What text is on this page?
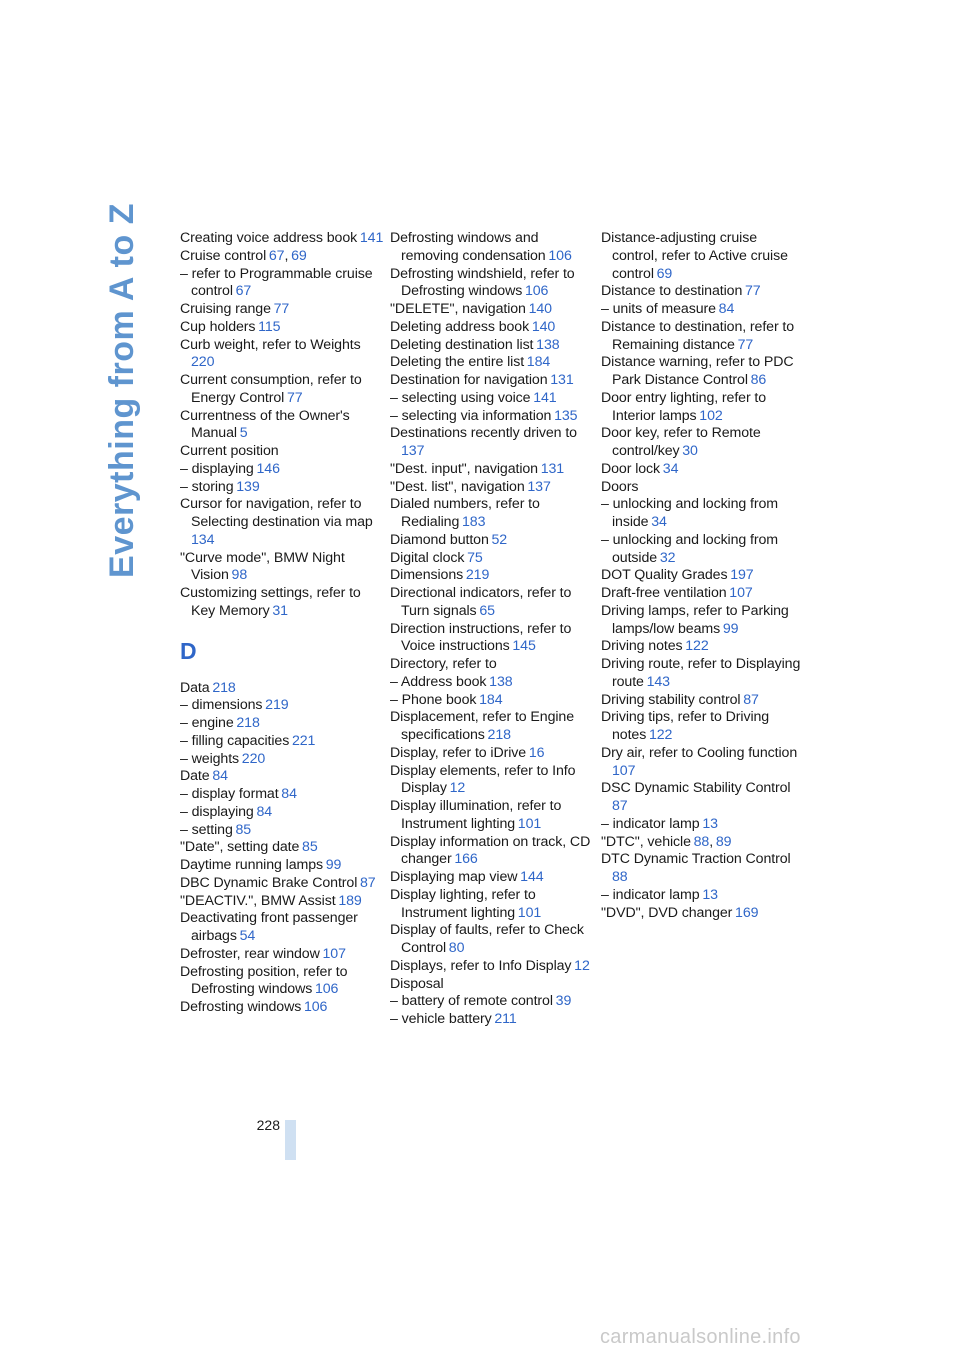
Everything from A to Z	Creating voice address book  141
Cruise control  67,  69
– refer to Programmable cruise control  67
Cruising range  77
Cup holders  115
Curb weight, refer to Weights 220
Current consumption, refer to Energy Control  77
Currentness of the Owner's Manual  5
Current position
– displaying  146
– storing  139
Cursor for navigation, refer to Selecting destination via map 134
"Curve mode", BMW Night Vision  98
Customizing settings, refer to Key Memory  31
D
Data  218
– dimensions  219
– engine  218
– filling capacities  221
– weights  220
Date  84
– display format  84
– displaying  84
– setting  85
"Date", setting date  85
Daytime running lamps  99
DBC Dynamic Brake Control  87
"DEACTIV.", BMW Assist  189
Deactivating front passenger airbags  54
Defroster, rear window  107
Defrosting position, refer to Defrosting windows  106
Defrosting windows  106
Defrosting windows and removing condensation  106
Defrosting windshield, refer to Defrosting windows  106
"DELETE", navigation  140
Deleting address book  140
Deleting destination list  138
Deleting the entire list  184
Destination for navigation  131
– selecting using voice  141
– selecting via information  135
Destinations recently driven to 137
"Dest. input", navigation  131
"Dest. list", navigation  137
Dialed numbers, refer to Redialing  183
Diamond button  52
Digital clock  75
Dimensions  219
Directional indicators, refer to Turn signals  65
Direction instructions, refer to Voice instructions  145
Directory, refer to
– Address book  138
– Phone book  184
Displacement, refer to Engine specifications  218
Display, refer to iDrive  16
Display elements, refer to Info Display  12
Display illumination, refer to Instrument lighting  101
Display information on track, CD changer  166
Displaying map view  144
Display lighting, refer to Instrument lighting  101
Display of faults, refer to Check Control  80
Displays, refer to Info Display  12
Disposal
– battery of remote control  39
– vehicle battery  211
Distance-adjusting cruise control, refer to Active cruise control  69
Distance to destination  77
– units of measure  84
Distance to destination, refer to Remaining distance  77
Distance warning, refer to PDC Park Distance Control  86
Door entry lighting, refer to Interior lamps  102
Door key, refer to Remote control/key  30
Door lock  34
Doors
– unlocking and locking from inside  34
– unlocking and locking from outside  32
DOT Quality Grades  197
Draft-free ventilation  107
Driving lamps, refer to Parking lamps/low beams  99
Driving notes  122
Driving route, refer to Displaying route  143
Driving stability control  87
Driving tips, refer to Driving notes  122
Dry air, refer to Cooling function 107
DSC Dynamic Stability Control 87
– indicator lamp  13
"DTC", vehicle  88,  89
DTC Dynamic Traction Control 88
– indicator lamp  13
"DVD", DVD changer  169
228
carmanualsonline.info
